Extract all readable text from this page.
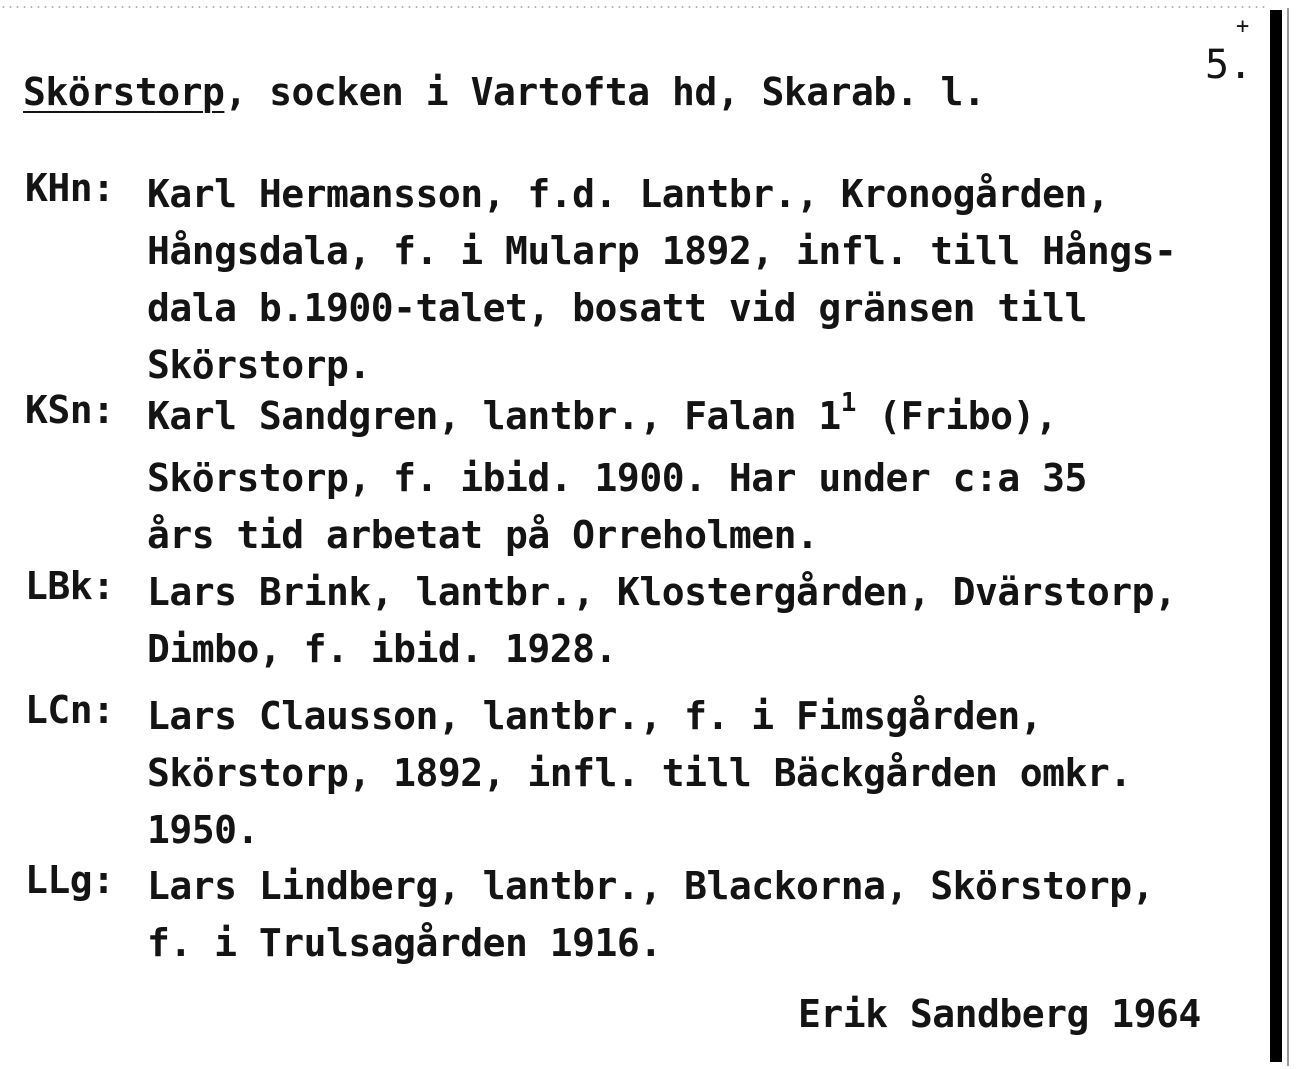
+
5.
Skörstorp, socken i Vartofta hd, Skarab. l.
KHn: Karl Hermansson, f.d. Lantbr., Kronogården,
Hångsdala, f. i Mularp 1892, infl. till Hångs-
dala b.1900-talet, bosatt vid gränsen till
Skörstorp.
KSn: Karl Sandgren, lantbr., Falan $1^1$ (Fribo),
Skörstorp, f. ibid. 1900. Har under c:a 35
års tid arbetat på Orreholmen.
LBk: Lars Brink, lantbr., Klostergården, Dvärstorp,
Dimbo, f. ibid. 1928.
LCn: Lars Clausson, lantbr., f. i Fimsgården,
Skörstorp, 1892, infl. till Bäckgården omkr.
1950.
LLg: Lars Lindberg, lantbr., Blackorna, Skörstorp,
f. i Trulsagården 1916.
Erik Sandberg 1964
